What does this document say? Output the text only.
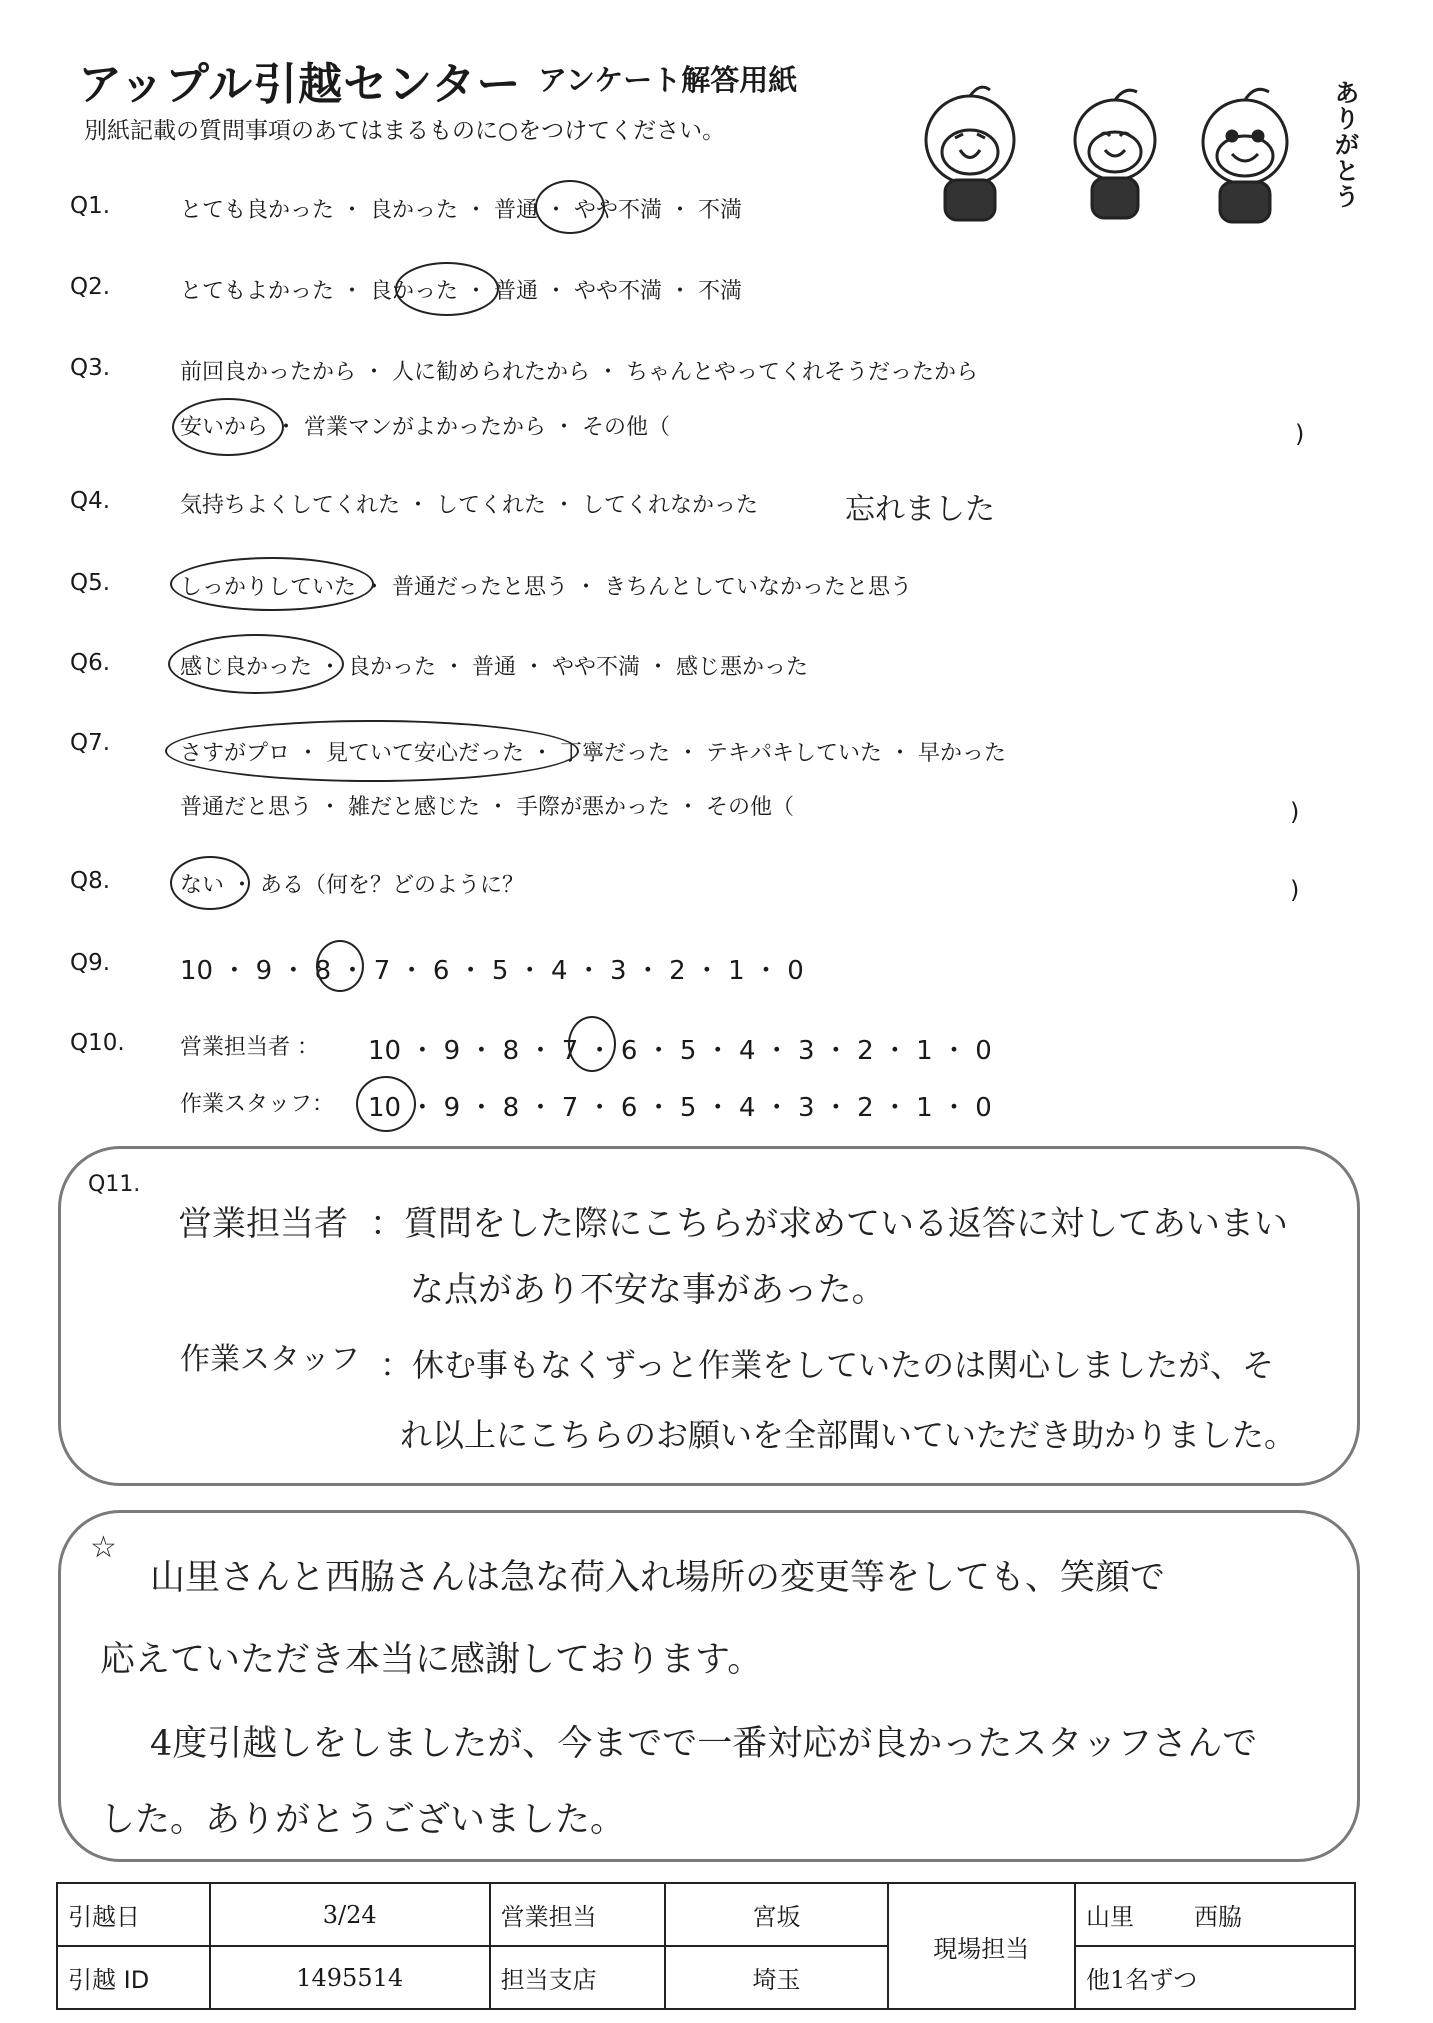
アップル引越センター アンケート解答用紙
別紙記載の質問事項のあてはまるものに○をつけてください。
ありがとう
Q1.	とても良かった ・ 良かった ・ 普通 ・ やや不満 ・ 不満
Q2.	とてもよかった ・ 良かった ・ 普通 ・ やや不満 ・ 不満
Q3.	前回良かったから ・ 人に勧められたから ・ ちゃんとやってくれそうだったから
安いから ・ 営業マンがよかったから ・ その他（	)
Q4.	気持ちよくしてくれた ・ してくれた ・ してくれなかった	忘れました
Q5.	しっかりしていた ・ 普通だったと思う ・ きちんとしていなかったと思う
Q6.	感じ良かった ・ 良かった ・ 普通 ・ やや不満 ・ 感じ悪かった
Q7.	さすがプロ ・ 見ていて安心だった ・ 丁寧だった ・ テキパキしていた ・ 早かった
普通だと思う ・ 雑だと感じた ・ 手際が悪かった ・ その他（	)
Q8.	ない ・ ある（何を？どのように？	)
Q9.	10 ・ 9 ・ 8 ・ 7 ・ 6 ・ 5 ・ 4 ・ 3 ・ 2 ・ 1 ・ 0
Q10.	営業担当者 ： 10 ・ 9 ・ 8 ・ 7 ・ 6 ・ 5 ・ 4 ・ 3 ・ 2 ・ 1 ・ 0
作業スタッフ： 10 ・ 9 ・ 8 ・ 7 ・ 6 ・ 5 ・ 4 ・ 3 ・ 2 ・ 1 ・ 0
Q11.
営業担当者 ：質問をした際にこちらが求めている返答に対してあいまい
な点があり不安な事があった。
作業スタッフ ：休む事もなくずっと作業をしていたのは関心しましたが、そ
れ以上にこちらのお願いを全部聞いていただき助かりました。
☆
山里さんと西脇さんは急な荷入れ場所の変更等をしても、笑顔で
応えていただき本当に感謝しております。
4度引越しをしましたが、今までで一番対応が良かったスタッフさんで
した。ありがとうございました。
引越日	3/24	営業担当	宮坂	現場担当	山里 西脇
引越 ID	1495514	担当支店	埼玉		他1名ずつ
